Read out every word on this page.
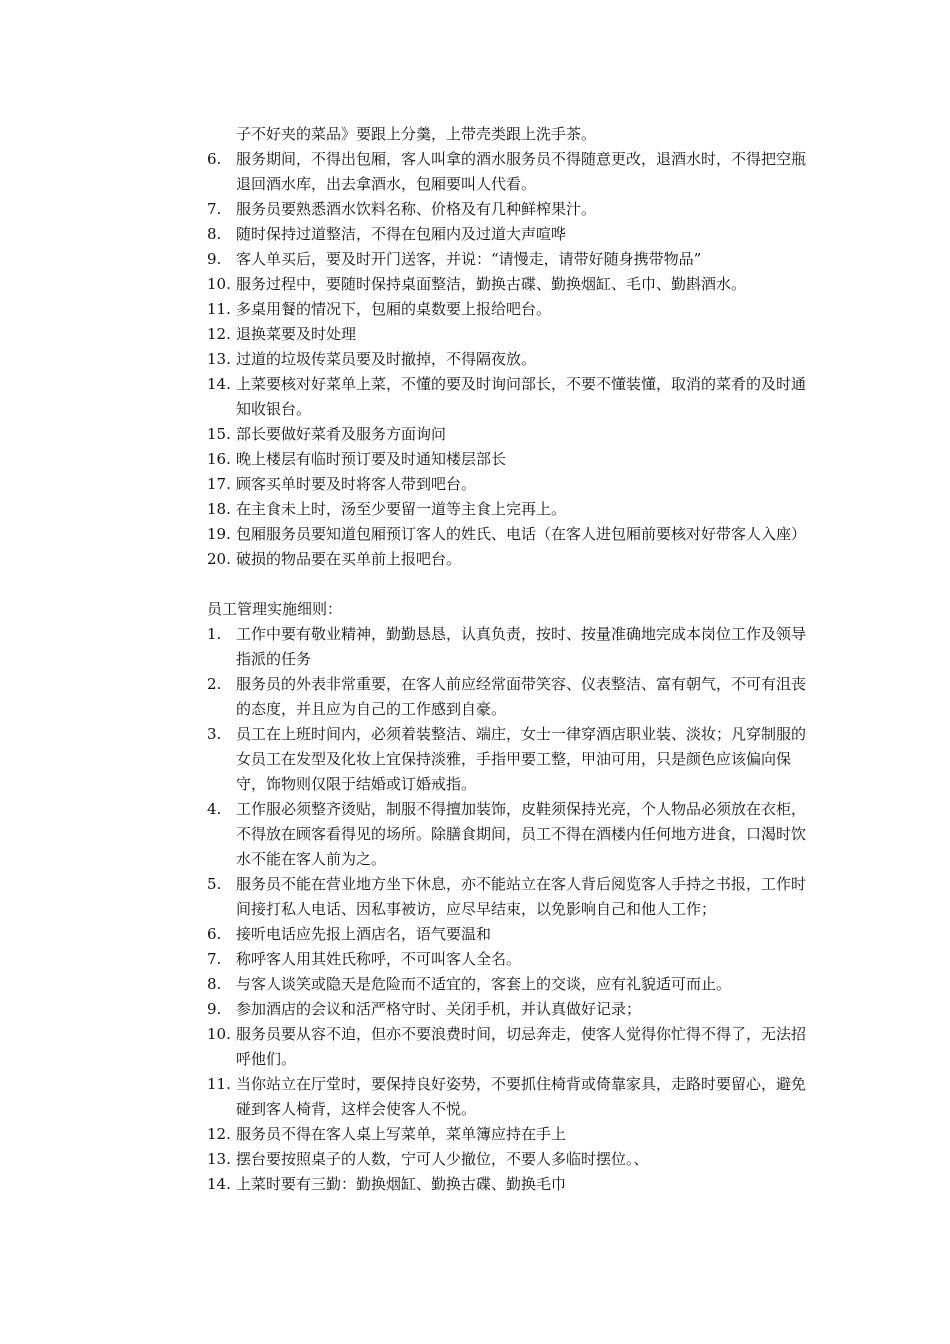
子不好夹的菜品》要跟上分羹，上带壳类跟上洗手茶。
6. 服务期间，不得出包厢，客人叫拿的酒水服务员不得随意更改，退酒水时，不得把空瓶退回酒水库，出去拿酒水，包厢要叫人代看。
7. 服务员要熟悉酒水饮料名称、价格及有几种鲜榨果汁。
8. 随时保持过道整洁，不得在包厢内及过道大声喧哗
9. 客人单买后，要及时开门送客，并说：“请慢走，请带好随身携带物品”
10. 服务过程中，要随时保持桌面整洁，勤换古碟、勤换烟缸、毛巾、勤斟酒水。
11. 多桌用餐的情况下，包厢的桌数要上报给吧台。
12. 退换菜要及时处理
13. 过道的垃圾传菜员要及时撤掉，不得隔夜放。
14. 上菜要核对好菜单上菜，不懂的要及时询问部长，不要不懂装懂，取消的菜肴的及时通知收银台。
15. 部长要做好菜肴及服务方面询问
16. 晚上楼层有临时预订要及时通知楼层部长
17. 顾客买单时要及时将客人带到吧台。
18. 在主食未上时，汤至少要留一道等主食上完再上。
19. 包厢服务员要知道包厢预订客人的姓氏、电话（在客人进包厢前要核对好带客人入座）
20. 破损的物品要在买单前上报吧台。
员工管理实施细则：
1. 工作中要有敬业精神，勤勤恳恳，认真负责，按时、按量准确地完成本岗位工作及领导指派的任务
2. 服务员的外表非常重要，在客人前应经常面带笑容、仪表整洁、富有朝气，不可有沮丧的态度，并且应为自己的工作感到自豪。
3. 员工在上班时间内，必须着装整洁、端庄，女士一律穿酒店职业装、淡妆；凡穿制服的女员工在发型及化妆上宜保持淡雅，手指甲要工整，甲油可用，只是颜色应该偏向保守，饰物则仅限于结婚或订婚戒指。
4. 工作服必须整齐烫贴，制服不得擅加装饰，皮鞋须保持光亮，个人物品必须放在衣柜，不得放在顾客看得见的场所。除膳食期间，员工不得在酒楼内任何地方进食，口渴时饮水不能在客人前为之。
5. 服务员不能在营业地方坐下休息，亦不能站立在客人背后阅览客人手持之书报，工作时间接打私人电话、因私事被访，应尽早结束，以免影响自己和他人工作；
6. 接听电话应先报上酒店名，语气要温和
7. 称呼客人用其姓氏称呼，不可叫客人全名。
8. 与客人谈笑或隐天是危险而不适宜的，客套上的交谈，应有礼貌适可而止。
9. 参加酒店的会议和活严格守时、关闭手机，并认真做好记录；
10. 服务员要从容不迫，但亦不要浪费时间，切忌奔走，使客人觉得你忙得不得了，无法招呼他们。
11. 当你站立在厅堂时，要保持良好姿势，不要抓住椅背或倚靠家具，走路时要留心，避免碰到客人椅背，这样会使客人不悦。
12. 服务员不得在客人桌上写菜单，菜单簿应持在手上
13. 摆台要按照桌子的人数，宁可人少撤位，不要人多临时摆位。、
14. 上菜时要有三勤：勤换烟缸、勤换古碟、勤换毛巾
